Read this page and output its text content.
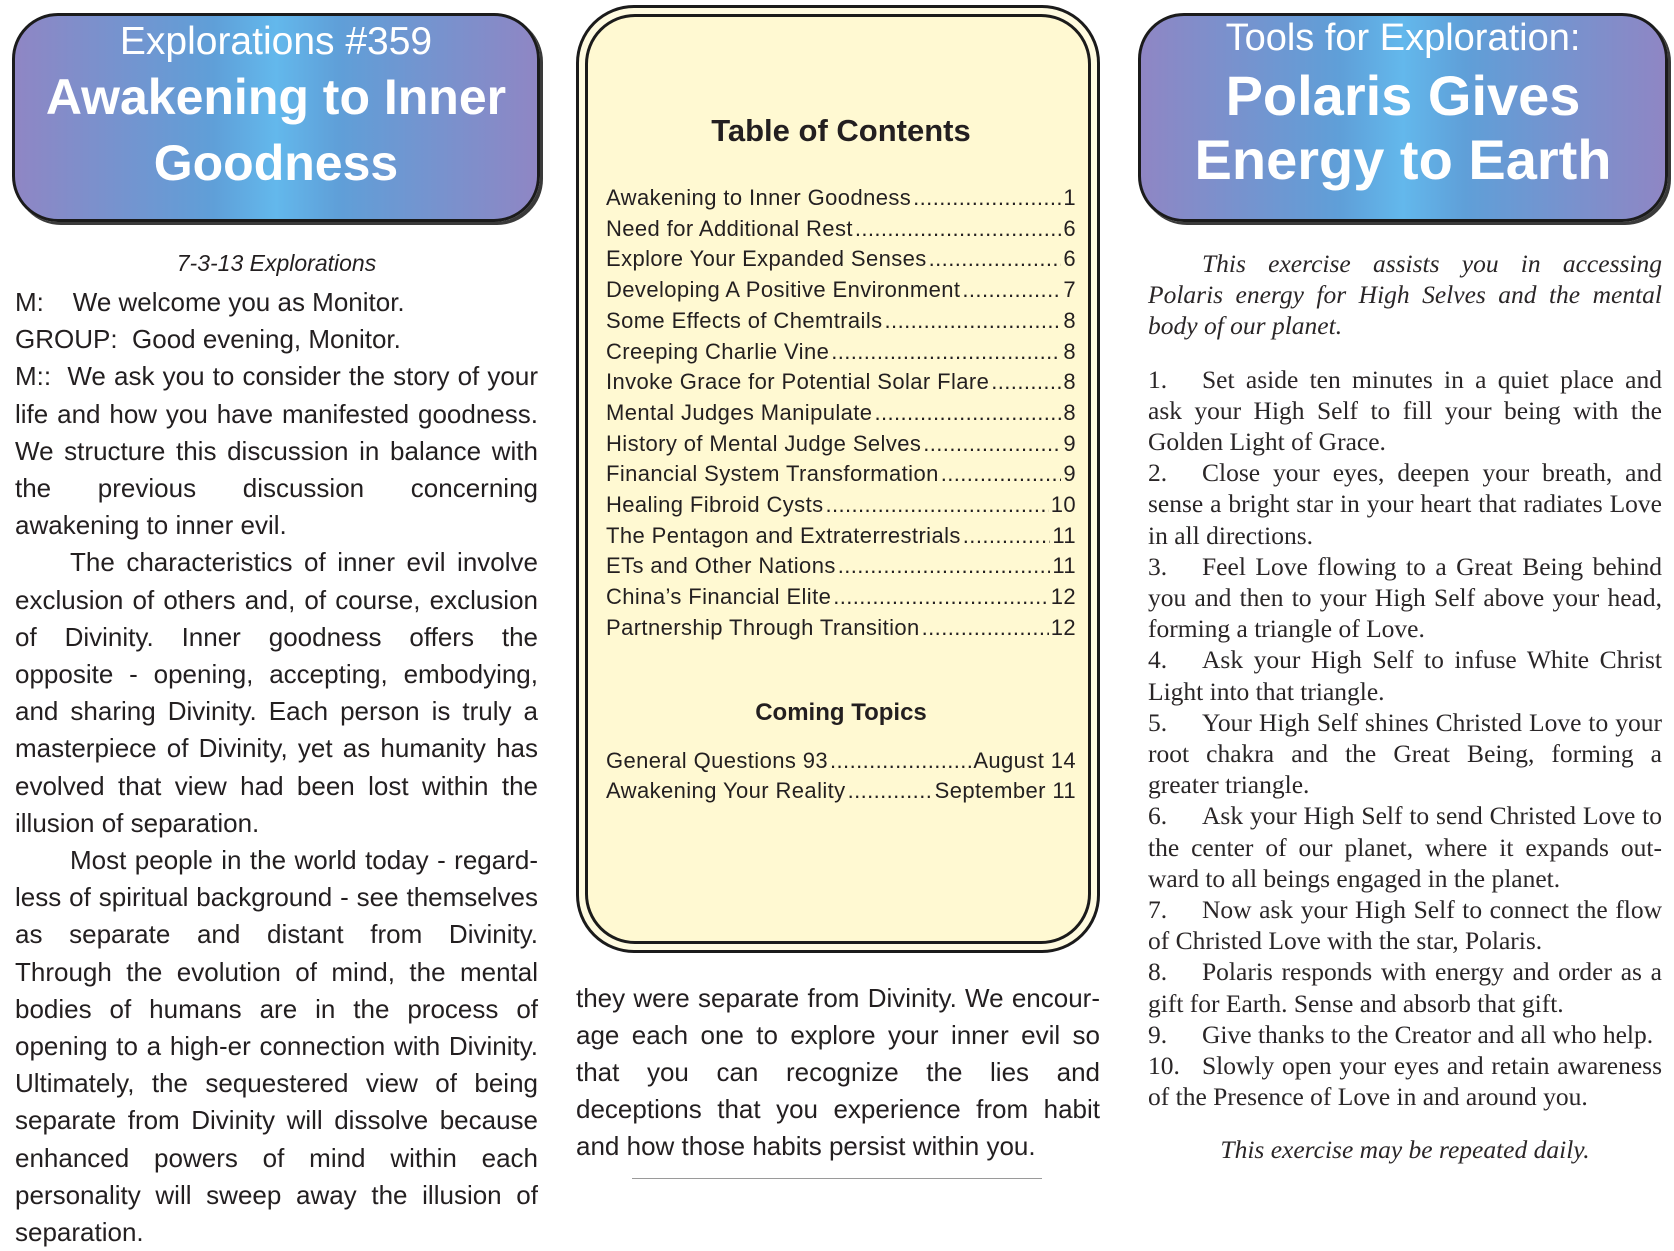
Explorations #359
Awakening to Inner
Goodness
7-3-13 Explorations

M:    We welcome you as Monitor.

GROUP:  Good evening, Monitor.

M::  We ask you to consider the story of your life and how you have manifested goodness. We structure this discussion in balance with the previous discussion concerning awakening to inner evil.

The characteristics of inner evil involve exclusion of others and, of course, exclusion of Divinity. Inner goodness offers the opposite - opening, accepting, embodying, and sharing Divinity. Each person is truly a masterpiece of Divinity, yet as humanity has evolved that view had been lost within the illusion of separation.

Most people in the world today - regard-less of spiritual background - see themselves as separate and distant from Divinity. Through the evolution of mind, the mental bodies of humans are in the process of opening to a high-er connection with Divinity. Ultimately, the sequestered view of being separate from Divinity will dissolve because enhanced powers of mind within each personality will sweep away the illusion of separation.

Table of Contents
Awakening to Inner Goodness .....	1
Need for Additional Rest .....	6
Explore Your Expanded Senses .....	6
Developing A Positive Environment .....	7
Some Effects of Chemtrails .....	8
Creeping Charlie Vine .....	8
Invoke Grace for Potential Solar Flare .....	8
Mental Judges Manipulate .....	8
History of Mental Judge Selves .....	9
Financial System Transformation .....	9
Healing Fibroid Cysts .....	10
The Pentagon and Extraterrestrials .....	11
ETs and Other Nations .....	11
China’s Financial Elite .....	12
Partnership Through Transition .....	12
Coming Topics
General Questions 93 .....	August 14
Awakening Your Reality .....	September 11

they were separate from Divinity. We encour-age each one to explore your inner evil so that you can recognize the lies and deceptions that you experience from habit and how those habits persist within you.

Tools for Exploration:
Polaris Gives
Energy to Earth

This exercise assists you in accessing Polaris energy for High Selves and the mental body of our planet.

1. Set aside ten minutes in a quiet place and ask your High Self to fill your being with the Golden Light of Grace.

2. Close your eyes, deepen your breath, and sense a bright star in your heart that radiates Love in all directions.

3. Feel Love flowing to a Great Being behind you and then to your High Self above your head, forming a triangle of Love.

4. Ask your High Self to infuse White Christ Light into that triangle.

5. Your High Self shines Christed Love to your root chakra and the Great Being, forming a greater triangle.

6. Ask your High Self to send Christed Love to the center of our planet, where it expands out-ward to all beings engaged in the planet.

7. Now ask your High Self to connect the flow of Christed Love with the star, Polaris.

8. Polaris responds with energy and order as a gift for Earth. Sense and absorb that gift.

9. Give thanks to the Creator and all who help.

10. Slowly open your eyes and retain awareness of the Presence of Love in and around you.

This exercise may be repeated daily.
